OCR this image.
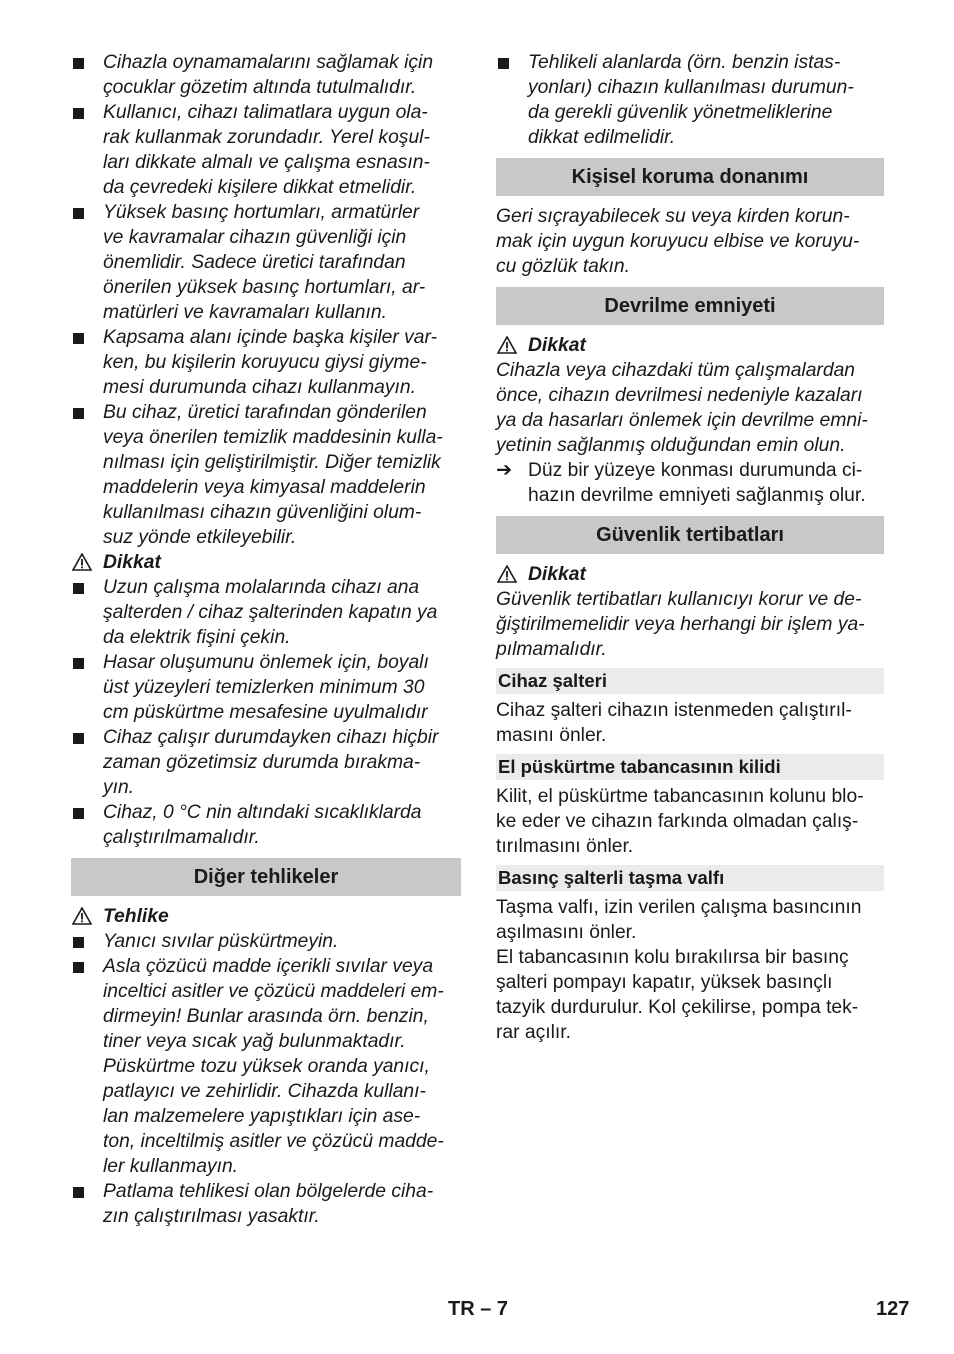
Cihazla oynamamalarını sağlamak için
çocuklar gözetim altında tutulmalıdır.
Kullanıcı, cihazı talimatlara uygun ola-
rak kullanmak zorundadır. Yerel koşul-
ları dikkate almalı ve çalışma esnasın-
da çevredeki kişilere dikkat etmelidir.
Yüksek basınç hortumları, armatürler
ve kavramalar cihazın güvenliği için
önemlidir. Sadece üretici tarafından
önerilen yüksek basınç hortumları, ar-
matürleri ve kavramaları kullanın.
Kapsama alanı içinde başka kişiler var-
ken, bu kişilerin koruyucu giysi giyme-
mesi durumunda cihazı kullanmayın.
Bu cihaz, üretici tarafından gönderilen
veya önerilen temizlik maddesinin kulla-
nılması için geliştirilmiştir. Diğer temizlik
maddelerin veya kimyasal maddelerin
kullanılması cihazın güvenliğini olum-
suz yönde etkileyebilir.
Dikkat
Uzun çalışma molalarında cihazı ana
şalterden / cihaz şalterinden kapatın ya
da elektrik fişini çekin.
Hasar oluşumunu önlemek için, boyalı
üst yüzeyleri temizlerken minimum 30
cm püskürtme mesafesine uyulmalıdır
Cihaz çalışır durumdayken cihazı hiçbir
zaman gözetimsiz durumda bırakma-
yın.
Cihaz, 0 °C nin altındaki sıcaklıklarda
çalıştırılmamalıdır.
Diğer tehlikeler
Tehlike
Yanıcı sıvılar püskürtmeyin.
Asla çözücü madde içerikli sıvılar veya
inceltici asitler ve çözücü maddeleri em-
dirmeyin! Bunlar arasında örn. benzin,
tiner veya sıcak yağ bulunmaktadır.
Püskürtme tozu yüksek oranda yanıcı,
patlayıcı ve zehirlidir. Cihazda kullanı-
lan malzemelere yapıştıkları için ase-
ton, inceltilmiş asitler ve çözücü madde-
ler kullanmayın.
Patlama tehlikesi olan bölgelerde ciha-
zın çalıştırılması yasaktır.
Tehlikeli alanlarda (örn. benzin istas-
yonları) cihazın kullanılması durumun-
da gerekli güvenlik yönetmeliklerine
dikkat edilmelidir.
Kişisel koruma donanımı
Geri sıçrayabilecek su veya kirden korun-
mak için uygun koruyucu elbise ve koruyu-
cu gözlük takın.
Devrilme emniyeti
Dikkat
Cihazla veya cihazdaki tüm çalışmalardan
önce, cihazın devrilmesi nedeniyle kazaları
ya da hasarları önlemek için devrilme emni-
yetinin sağlanmış olduğundan emin olun.
➔ Düz bir yüzeye konması durumunda ci-
hazın devrilme emniyeti sağlanmış olur.
Güvenlik tertibatları
Dikkat
Güvenlik tertibatları kullanıcıyı korur ve de-
ğiştirilmemelidir veya herhangi bir işlem ya-
pılmamalıdır.
Cihaz şalteri
Cihaz şalteri cihazın istenmeden çalıştırıl-
masını önler.
El püskürtme tabancasının kilidi
Kilit, el püskürtme tabancasının kolunu blo-
ke eder ve cihazın farkında olmadan çalış-
tırılmasını önler.
Basınç şalterli taşma valfı
Taşma valfı, izin verilen çalışma basıncının
aşılmasını önler.
El tabancasının kolu bırakılırsa bir basınç
şalteri pompayı kapatır, yüksek basınçlı
tazyik durdurulur. Kol çekilirse, pompa tek-
rar açılır.
TR – 7	127
